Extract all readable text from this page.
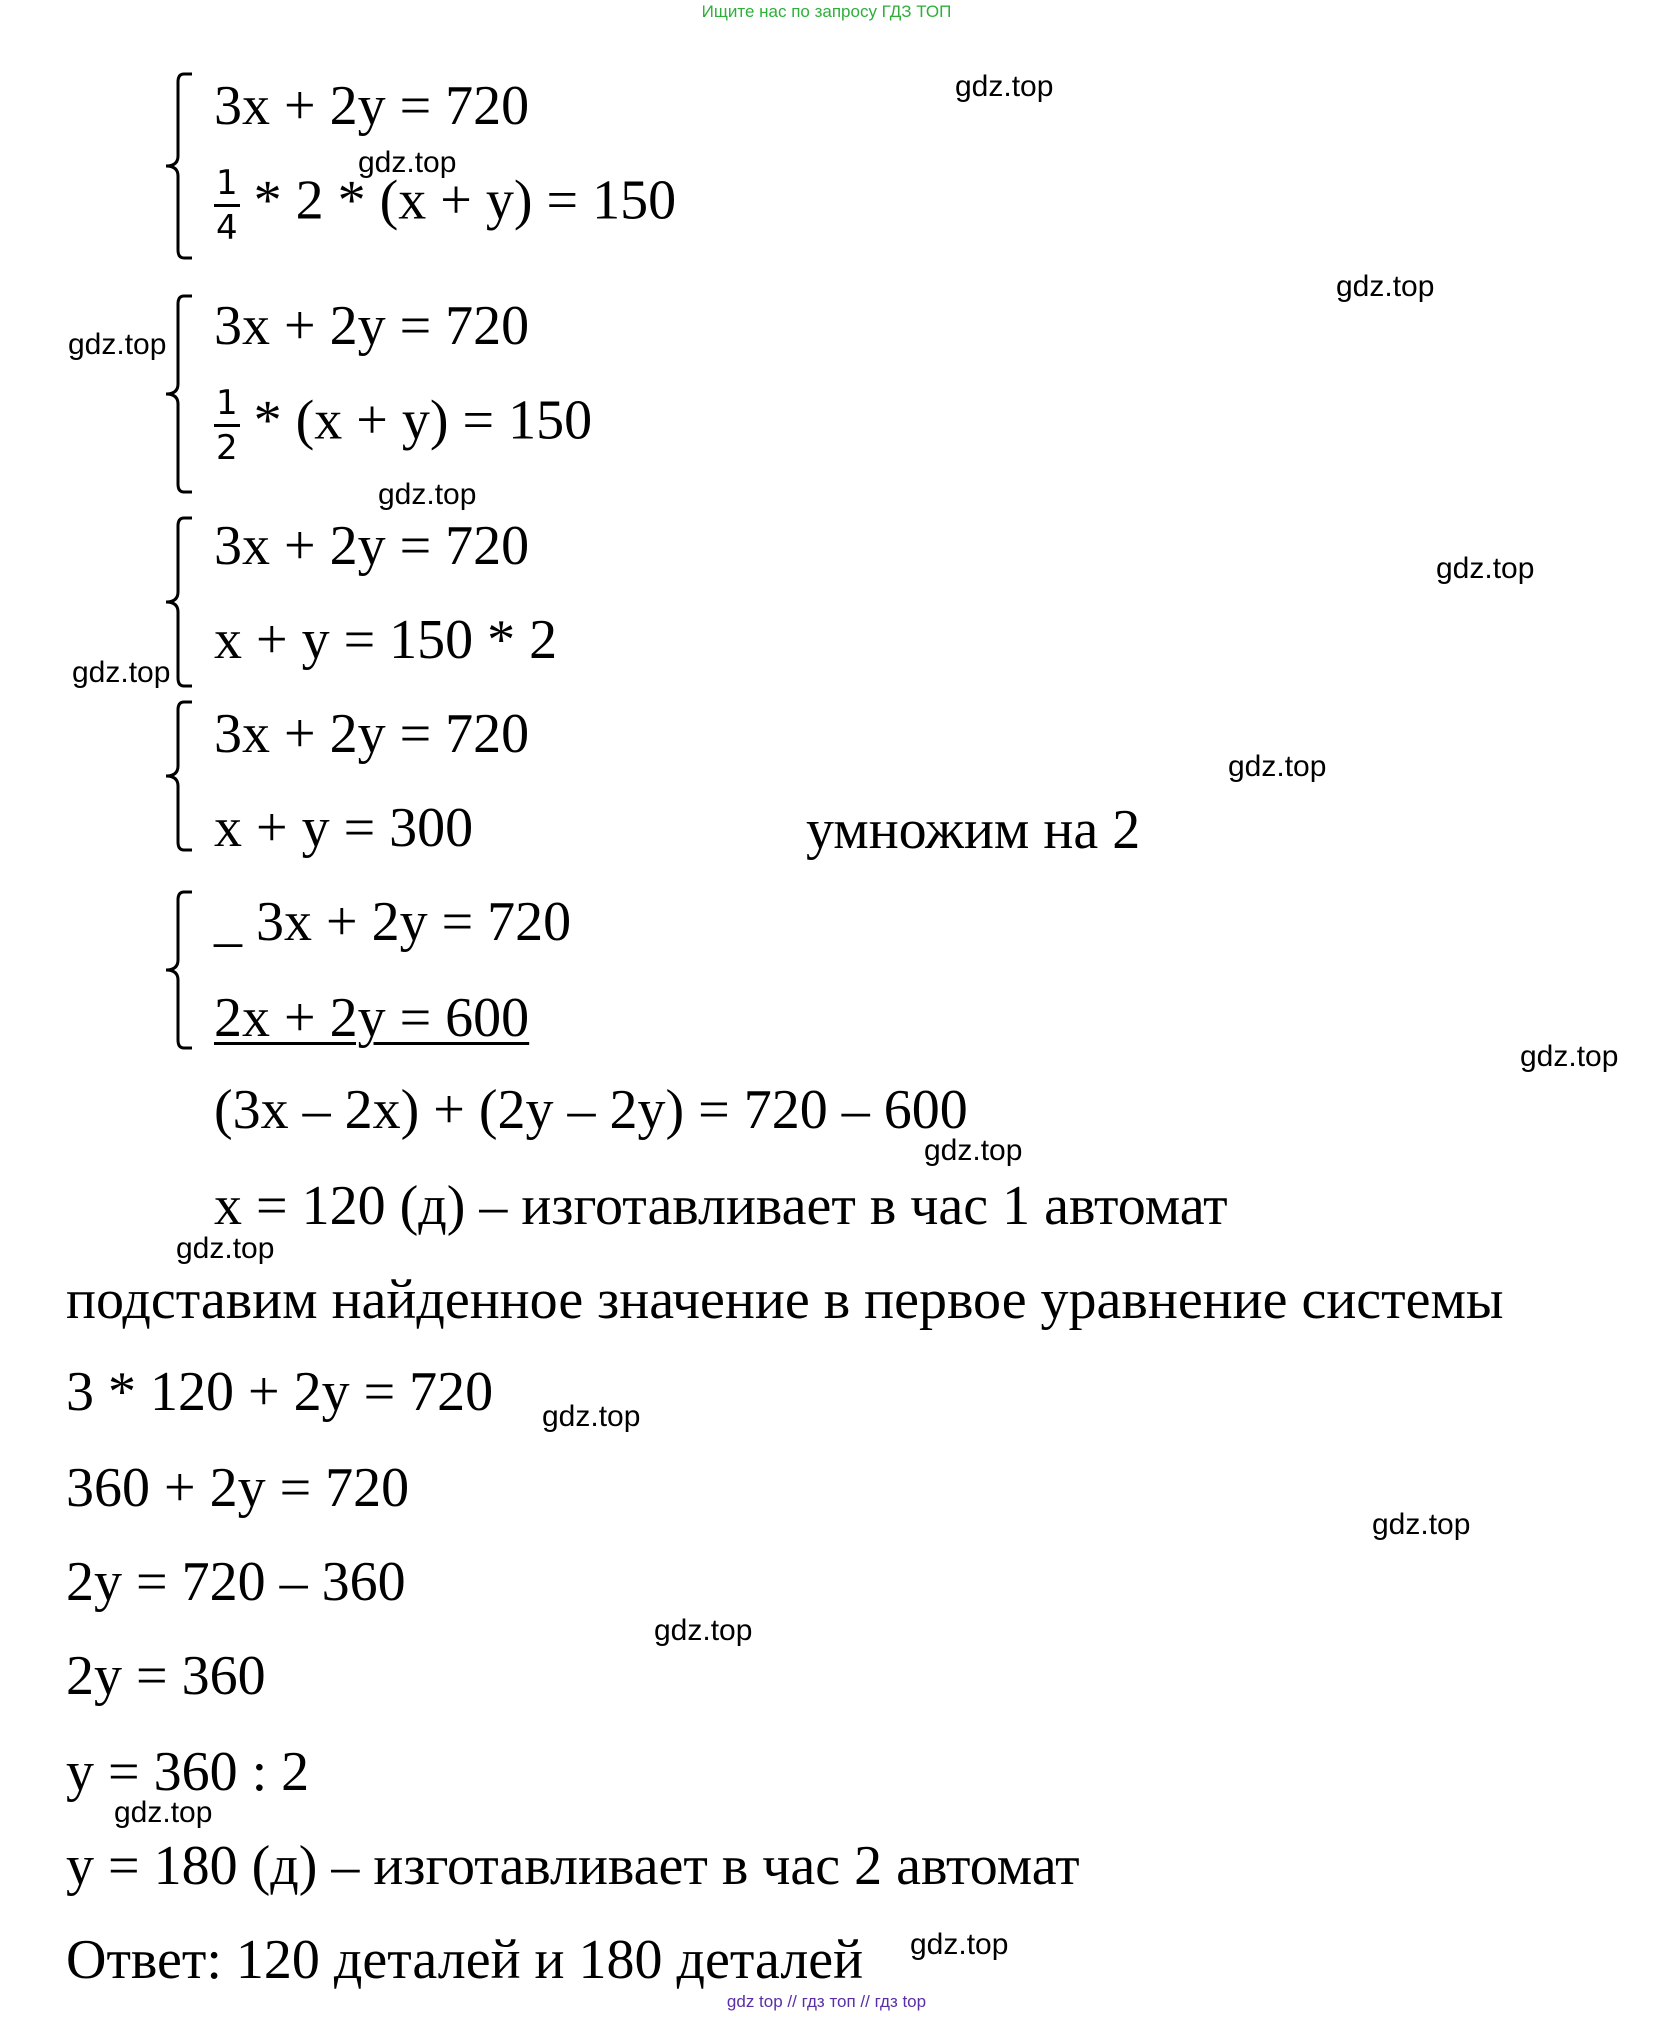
Ищите нас по запросу ГДЗ ТОП
3x + 2y = 720
$\frac{1}{4} * 2 * (x + y) = 150$
3x + 2y = 720
$\frac{1}{2} * (x + y) = 150$
3x + 2y = 720
x + y = 150 * 2
3x + 2y = 720
x + y = 300	умножим на 2
_ 3x + 2y = 720
2x + 2y = 600
(3x – 2x) + (2y – 2y) = 720 – 600
x = 120 (д) – изготавливает в час 1 автомат
подставим найденное значение в первое уравнение системы
3 * 120 + 2y = 720
360 + 2y = 720
2y = 720 – 360
2y = 360
y = 360 : 2
y = 180 (д) – изготавливает в час 2 автомат
Ответ: 120 деталей и 180 деталей
gdz.top
gdz.top
gdz.top
gdz.top
gdz.top
gdz.top
gdz.top
gdz.top
gdz.top
gdz.top
gdz.top
gdz.top
gdz.top
gdz.top
gdz.top
gdz.top
gdz top // гдз топ // гдз top
